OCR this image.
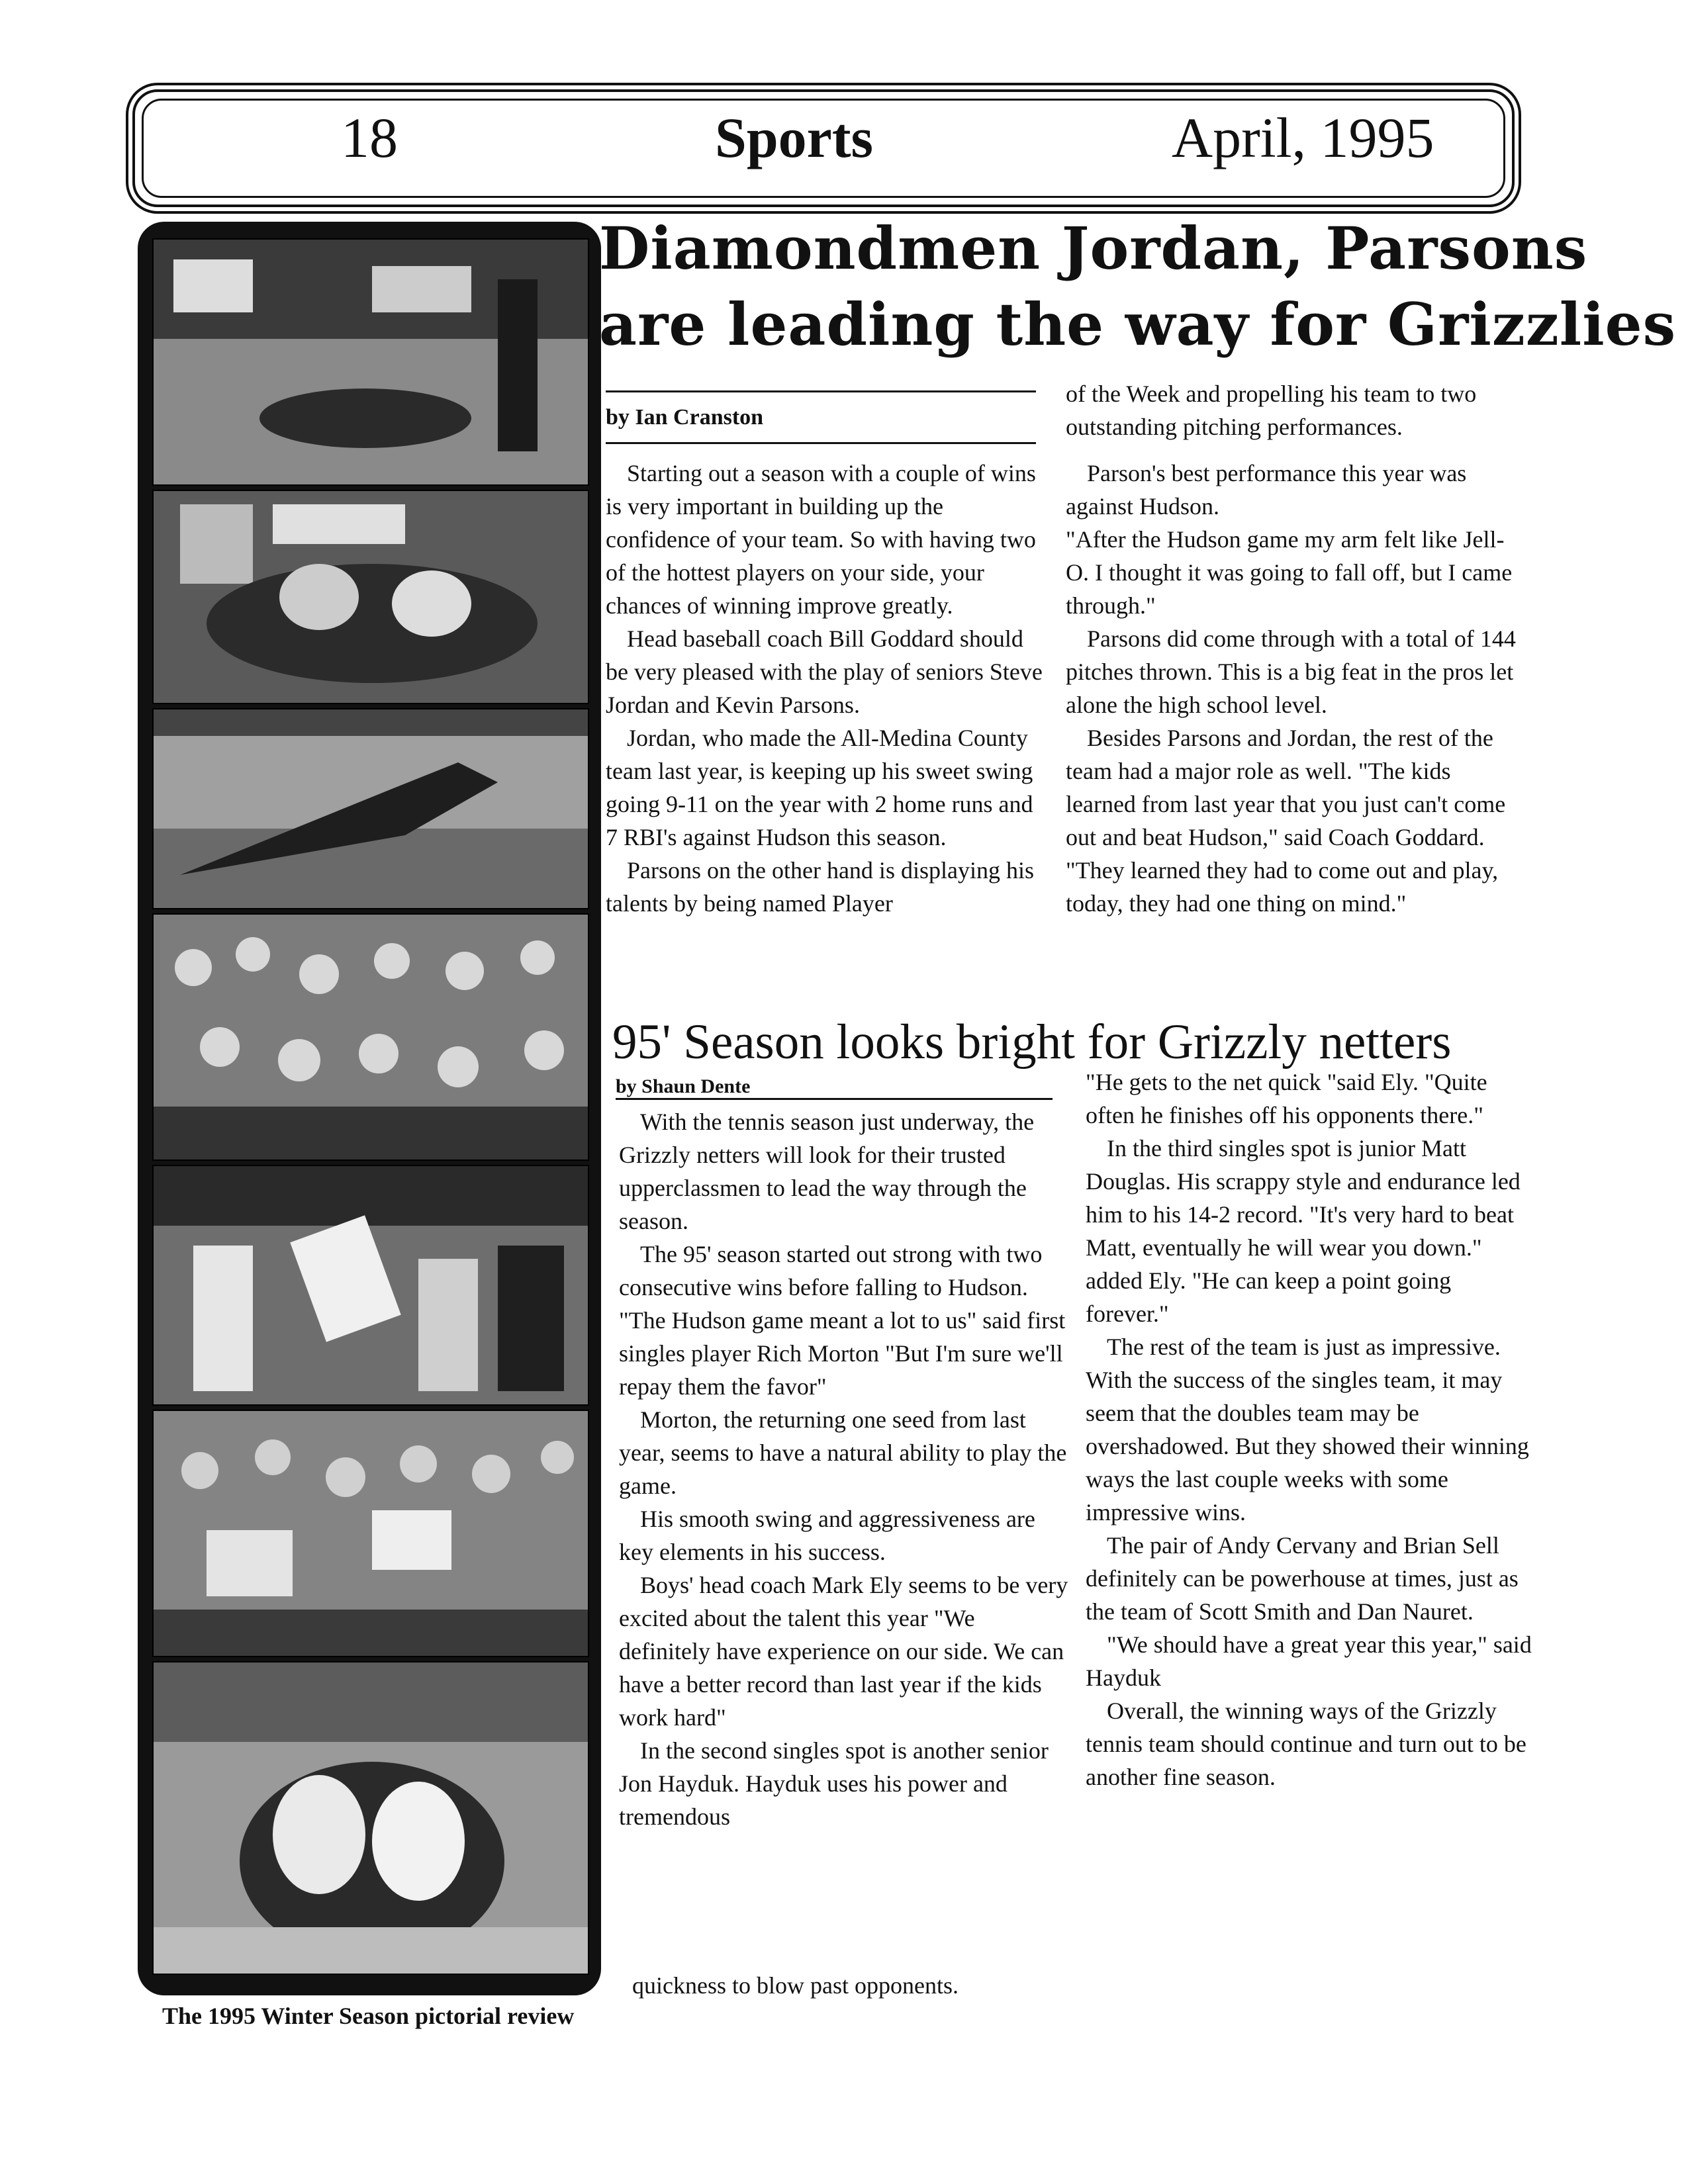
18	Sports	April, 1995
The 1995 Winter Season pictorial review
Diamondmen Jordan, Parsons
are leading the way for Grizzlies
by Ian Cranston

Starting out a season with a couple of wins is very important in building up the confidence of your team. So with having two of the hottest players on your side, your chances of winning improve greatly.

Head baseball coach Bill Goddard should be very pleased with the play of seniors Steve Jordan and Kevin Parsons.

Jordan, who made the All-Medina County team last year, is keeping up his sweet swing going 9-11 on the year with 2 home runs and 7 RBI's against Hudson this season.

Parsons on the other hand is displaying his talents by being named Player

of the Week and propelling his team to two outstanding pitching performances.

Parson's best performance this year was against Hudson.

"After the Hudson game my arm felt like Jell-O. I thought it was going to fall off, but I came through."

Parsons did come through with a total of 144 pitches thrown. This is a big feat in the pros let alone the high school level.

Besides Parsons and Jordan, the rest of the team had a major role as well. "The kids learned from last year that you just can't come out and beat Hudson," said Coach Goddard. "They learned they had to come out and play, today, they had one thing on mind."

95' Season looks bright for Grizzly netters
by Shaun Dente

With the tennis season just underway, the Grizzly netters will look for their trusted upperclassmen to lead the way through the season.

The 95' season started out strong with two consecutive wins before falling to Hudson.

"The Hudson game meant a lot to us" said first singles player Rich Morton "But I'm sure we'll repay them the favor"

Morton, the returning one seed from last year, seems to have a natural ability to play the game.

His smooth swing and aggressiveness are key elements in his success.

Boys' head coach Mark Ely seems to be very excited about the talent this year "We definitely have experience on our side. We can have a better record than last year if the kids work hard"

In the second singles spot is another senior Jon Hayduk. Hayduk uses his power and tremendous

quickness to blow past opponents.

"He gets to the net quick "said Ely. "Quite often he finishes off his opponents there."

In the third singles spot is junior Matt Douglas. His scrappy style and endurance led him to his 14-2 record. "It's very hard to beat Matt, eventually he will wear you down." added Ely. "He can keep a point going forever."

The rest of the team is just as impressive. With the success of the singles team, it may seem that the doubles team may be overshadowed. But they showed their winning ways the last couple weeks with some impressive wins.

The pair of Andy Cervany and Brian Sell definitely can be powerhouse at times, just as the team of Scott Smith and Dan Nauret.

"We should have a great year this year," said Hayduk

Overall, the winning ways of the Grizzly tennis team should continue and turn out to be another fine season.
